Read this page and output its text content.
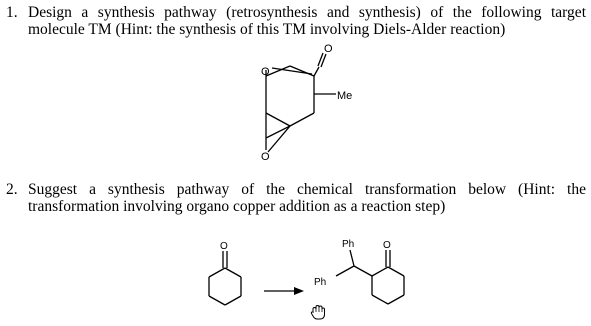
1. Design a synthesis pathway (retrosynthesis and synthesis) of the following target
molecule TM (Hint: the synthesis of this TM involving Diels-Alder reaction)
O
O
Me
O
O	O
Ph
Ph
2. Suggest a synthesis pathway of the chemical transformation below (Hint: the
transformation involving organo copper addition as a reaction step)
